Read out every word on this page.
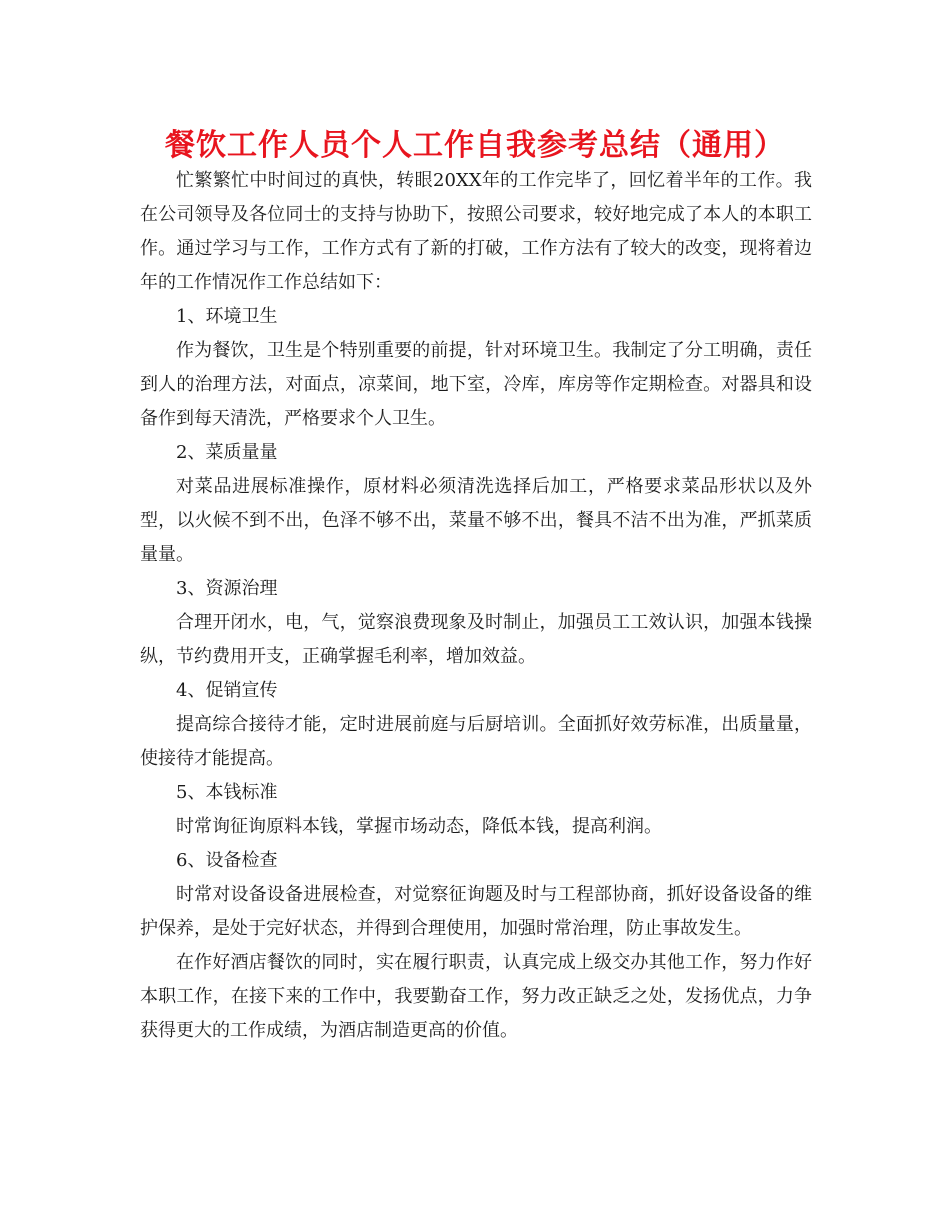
餐饮工作人员个人工作自我参考总结（通用）

忙繁繁忙中时间过的真快，转眼20XX年的工作完毕了，回忆着半年的工作。我在公司领导及各位同士的支持与协助下，按照公司要求，较好地完成了本人的本职工作。通过学习与工作，工作方式有了新的打破，工作方法有了较大的改变，现将着边年的工作情况作工作总结如下：

1、环境卫生

作为餐饮，卫生是个特别重要的前提，针对环境卫生。我制定了分工明确，责任到人的治理方法，对面点，凉菜间，地下室，冷库，库房等作定期检查。对器具和设备作到每天清洗，严格要求个人卫生。

2、菜质量量

对菜品进展标准操作，原材料必须清洗选择后加工，严格要求菜品形状以及外型，以火候不到不出，色泽不够不出，菜量不够不出，餐具不洁不出为准，严抓菜质量量。

3、资源治理

合理开闭水，电，气，觉察浪费现象及时制止，加强员工工效认识，加强本钱操纵，节约费用开支，正确掌握毛利率，增加效益。

4、促销宣传

提高综合接待才能，定时进展前庭与后厨培训。全面抓好效劳标准，出质量量，使接待才能提高。

5、本钱标准

时常询征询原料本钱，掌握市场动态，降低本钱，提高利润。

6、设备检查

时常对设备设备进展检查，对觉察征询题及时与工程部协商，抓好设备设备的维护保养，是处于完好状态，并得到合理使用，加强时常治理，防止事故发生。

在作好酒店餐饮的同时，实在履行职责，认真完成上级交办其他工作，努力作好本职工作，在接下来的工作中，我要勤奋工作，努力改正缺乏之处，发扬优点，力争获得更大的工作成绩，为酒店制造更高的价值。
